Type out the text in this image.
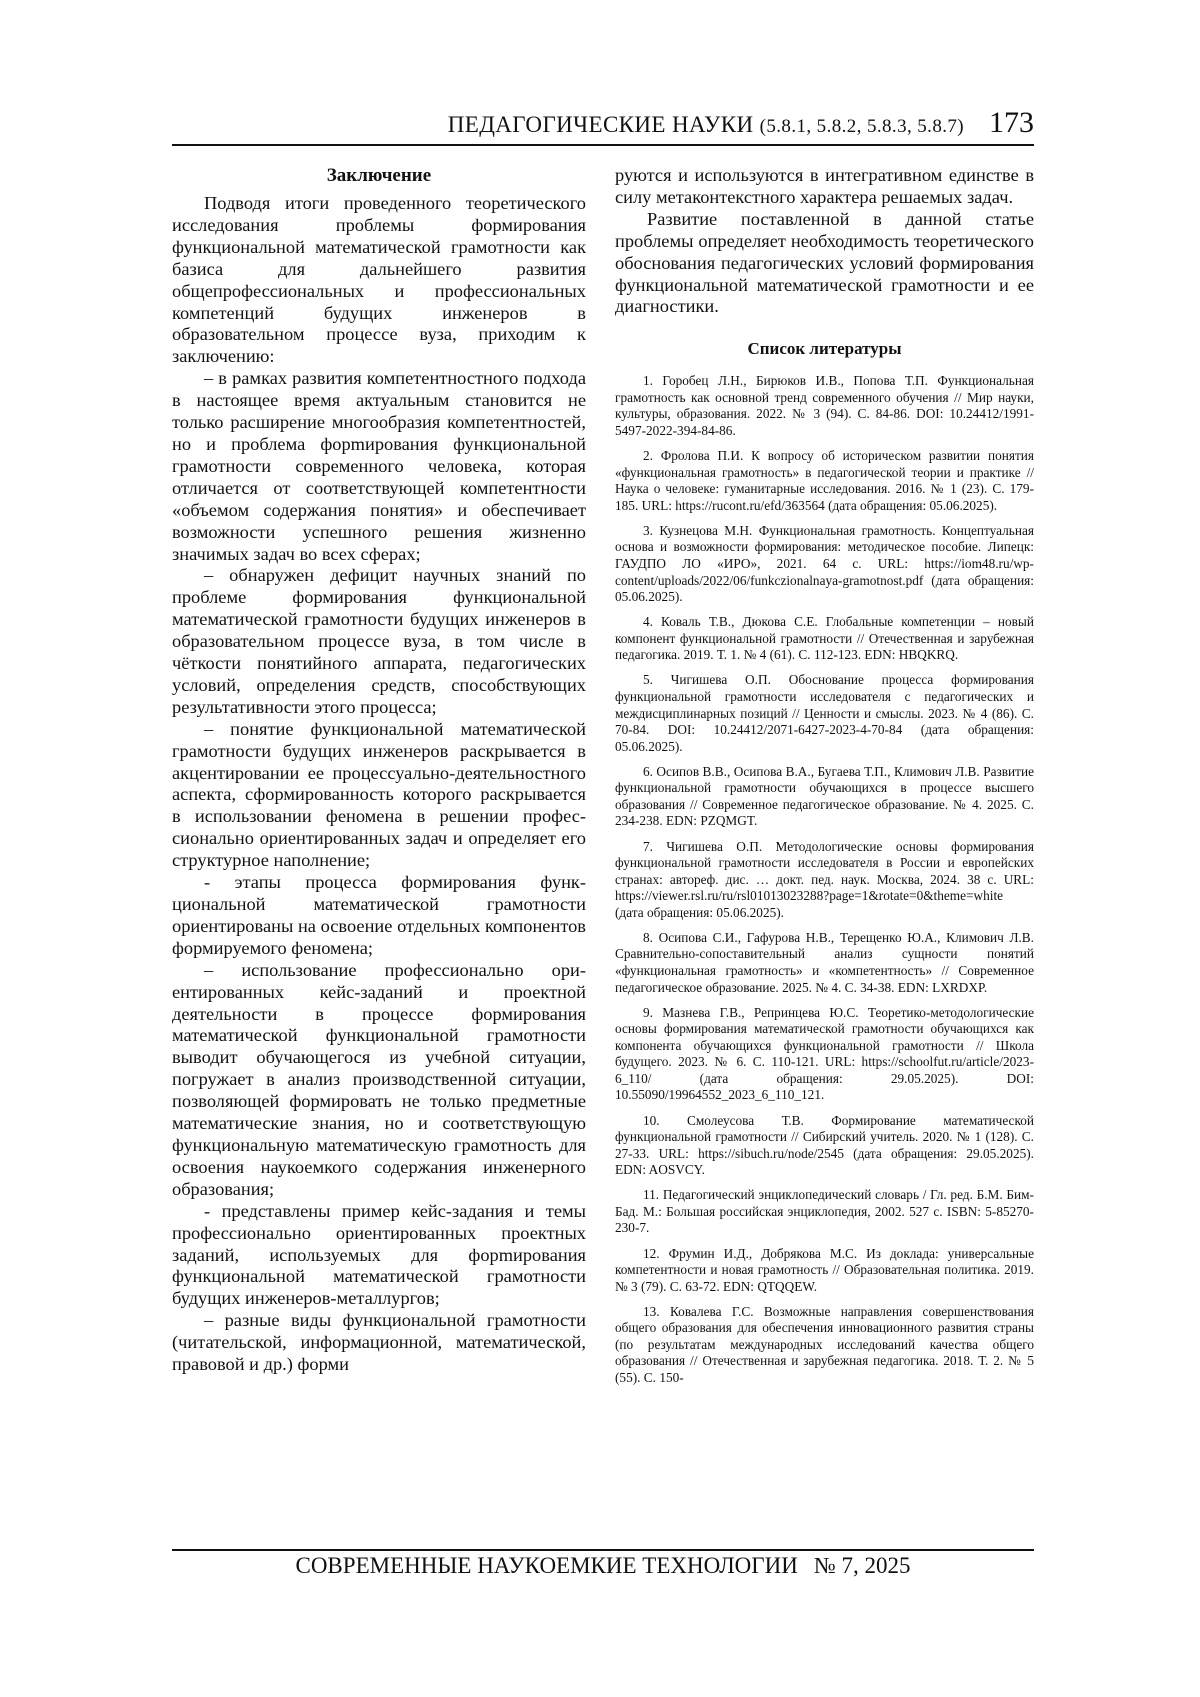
ПЕДАГОГИЧЕСКИЕ НАУКИ (5.8.1, 5.8.2, 5.8.3, 5.8.7) 173
Заключение

Подводя итоги проведенного теоретического исследования проблемы формирования функциональной математической грамотности как базиса для дальнейшего развития общепрофессиональных и профессиональных компетенций будущих инженеров в образовательном процессе вуза, приходим к заключению:

– в рамках развития компетентностного подхода в настоящее время актуальным становится не только расширение многообразия компетентностей, но и проблема форmирования функциональной грамотности современного человека, которая отличается от соответствующей компетентности «объемом содержания понятия» и обеспечивает возможности успешного решения жизненно значимых задач во всех сферах;

– обнаружен дефицит научных знаний по проблеме формирования функциональной математической грамотности будущих инженеров в образовательном процессе вуза, в том числе в чёткости понятийного аппарата, педагогических условий, определения средств, способствующих результативности этого процесса;

– понятие функциональной математической грамотности будущих инженеров раскрывается в акцентировании ее процессуально-деятельностного аспекта, сформированность которого раскрывается в использовании феномена в решении профессионально ориентированных задач и определяет его структурное наполнение;

- этапы процесса формирования функциональной математической грамотности ориентированы на освоение отдельных компонентов формируемого феномена;

– использование профессионально ориентированных кейс-заданий и проектной деятельности в процессе формирования математической функциональной грамотности выводит обучающегося из учебной ситуации, погружает в анализ производственной ситуации, позволяющей формировать не только предметные математические знания, но и соответствующую функциональную математическую грамотность для освоения наукоемкого содержания инженерного образования;

- представлены пример кейс-задания и темы профессионально ориентированных проектных заданий, используемых для форmирования функциональной математической грамотности будущих инженеров-металлургов;

– разные виды функциональной грамотности (читательской, информационной, математической, правовой и др.) форми

руются и используются в интегративном единстве в силу метаконтекстного характера решаемых задач.

Развитие поставленной в данной статье проблемы определяет необходимость теоретического обоснования педагогических условий формирования функциональной математической грамотности и ее диагностики.

Список литературы

1. Горобец Л.Н., Бирюков И.В., Попова Т.П. Функциональная грамотность как основной тренд современного обучения // Мир науки, культуры, образования. 2022. № 3 (94). С. 84-86. DOI: 10.24412/1991-5497-2022-394-84-86.

2. Фролова П.И. К вопросу об историческом развитии понятия «функциональная грамотность» в педагогической теории и практике // Наука о человеке: гуманитарные исследования. 2016. № 1 (23). С. 179-185. URL: https://rucont.ru/efd/363564 (дата обращения: 05.06.2025).

3. Кузнецова М.Н. Функциональная грамотность. Концептуальная основа и возможности формирования: методическое пособие. Липецк: ГАУДПО ЛО «ИРО», 2021. 64 с. URL: https://iom48.ru/wp-content/uploads/2022/06/funkczionalnaya-gramotnost.pdf (дата обращения: 05.06.2025).

4. Коваль Т.В., Дюкова С.Е. Глобальные компетенции – новый компонент функциональной грамотности // Отечественная и зарубежная педагогика. 2019. Т. 1. № 4 (61). С. 112-123. EDN: HBQKRQ.

5. Чигишева О.П. Обоснование процесса формирования функциональной грамотности исследователя с педагогических и междисциплинарных позиций // Ценности и смыслы. 2023. № 4 (86). С. 70-84. DOI: 10.24412/2071-6427-2023-4-70-84 (дата обращения: 05.06.2025).

6. Осипов В.В., Осипова В.А., Бугаева Т.П., Климович Л.В. Развитие функциональной грамотности обучающихся в процессе высшего образования // Современное педагогическое образование. № 4. 2025. С. 234-238. EDN: PZQMGT.

7. Чигишева О.П. Методологические основы формирования функциональной грамотности исследователя в России и европейских странах: автореф. дис. … докт. пед. наук. Москва, 2024. 38 с. URL: https://viewer.rsl.ru/ru/rsl01013023288?page=1&rotate=0&theme=white (дата обращения: 05.06.2025).

8. Осипова С.И., Гафурова Н.В., Терещенко Ю.А., Климович Л.В. Сравнительно-сопоставительный анализ сущности понятий «функциональная грамотность» и «компетентность» // Современное педагогическое образование. 2025. № 4. С. 34-38. EDN: LXRDXP.

9. Мазнева Г.В., Репринцева Ю.С. Теоретико-методологические основы формирования математической грамотности обучающихся как компонента обучающихся функциональной грамотности // Школа будущего. 2023. № 6. С. 110-121. URL: https://schoolfut.ru/article/2023-6_110/ (дата обращения: 29.05.2025). DOI: 10.55090/19964552_2023_6_110_121.

10. Смолеусова Т.В. Формирование математической функциональной грамотности // Сибирский учитель. 2020. № 1 (128). С. 27-33. URL: https://sibuch.ru/node/2545 (дата обращения: 29.05.2025). EDN: AOSVCY.

11. Педагогический энциклопедический словарь / Гл. ред. Б.М. Бим-Бад. М.: Большая российская энциклопедия, 2002. 527 с. ISBN: 5-85270-230-7.

12. Фрумин И.Д., Добрякова М.С. Из доклада: универсальные компетентности и новая грамотность // Образовательная политика. 2019. № 3 (79). С. 63-72. EDN: QTQQEW.

13. Ковалева Г.С. Возможные направления совершенствования общего образования для обеспечения инновaционного развития страны (по результатам международных исследований качества общего образования // Отечественная и зарубежная педагогика. 2018. Т. 2. № 5 (55). С. 150-

СОВРЕМЕННЫЕ НАУКОЕМКИЕ ТЕХНОЛОГИИ № 7, 2025
